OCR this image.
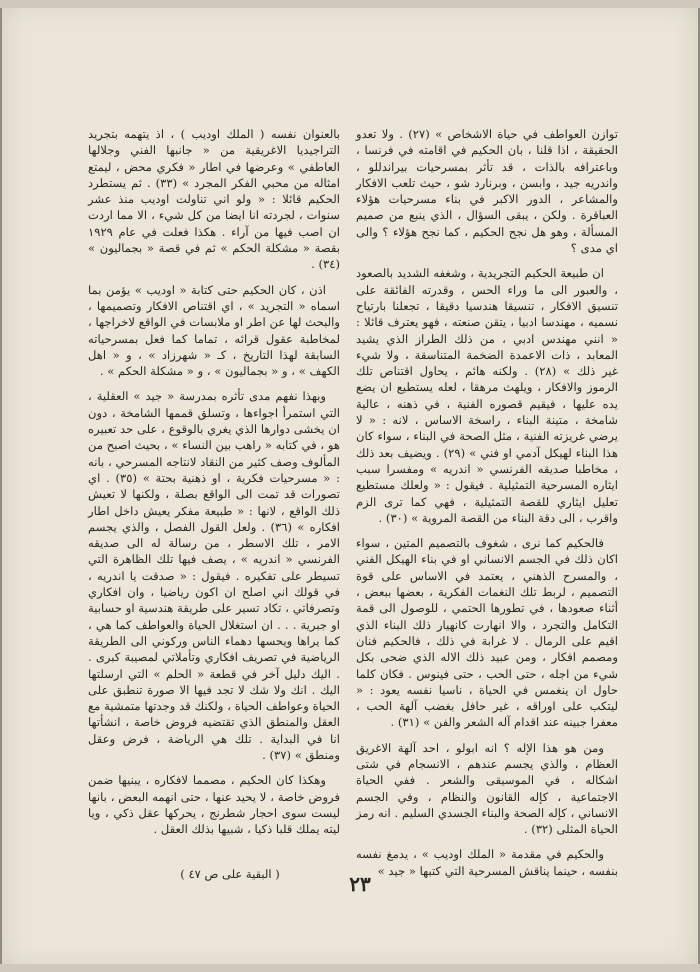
توازن العواطف في حياة الاشخاص » (٢٧) . ولا تعدو الحقيقة ، اذا قلنا ، بان الحكيم في اقامته في فرنسا ، وباعترافه بالذات ، قد تأثر بمسرحيات بيراندللو ، واندريه جيد ، وابسن ، وبرنارد شو ، حيث تلعب الافكار والمشاعر ، الدور الاكبر في بناء مسرحيات هؤلاء العباقرة . ولكن ، يبقى السؤال ، الذي ينبع من صميم المسألة ، وهو هل نجح الحكيم ، كما نجح هؤلاء ؟ والى اي مدى ؟

ان طبيعة الحكيم التجريدية ، وشغفه الشديد بالصعود ، والعبور الى ما وراء الحس ، وقدرته الفائقة على تنسيق الافكار ، تنسيقا هندسيا دقيقا ، تجعلنا بارتياح نسميه ، مهندسا ادبيا ، يتقن صنعته ، فهو يعترف قائلا : « انني مهندس ادبي ، من ذلك الطراز الذي يشيد المعابد ، ذات الاعمدة الضخمة المتناسقة ، ولا شيء غير ذلك » (٢٨) . ولكنه هائم ، يحاول اقتناص تلك الرموز والافكار ، ويلهث مرهقا ، لعله يستطيع ان يضع يده عليها ، فيقيم قصوره الفنية ، في ذهنه ، عالية شامخة ، متينة البناء ، راسخة الاساس ، لانه : « لا يرضي غريزته الفنية ، مثل الصحة في البناء ، سواء كان هذا البناء لهيكل آدمي او فني » (٢٩) . ويضيف بعد ذلك ، مخاطبا صديقه الفرنسي « اندريه » ومفسرا سبب ايثاره المسرحية التمثيلية . فيقول : « ولعلك مستطيع تعليل ايثاري للقصة التمثيلية ، فهي كما ترى الزم واقرب ، الى دقة البناء من القصة المروية » (٣٠) .

فالحكيم كما نرى ، شغوف بالتصميم المتين ، سواء اكان ذلك في الجسم الانساني او في بناء الهيكل الفني ، والمسرح الذهني ، يعتمد في الاساس على قوة التصميم ، لربط تلك النغمات الفكرية ، بعضها ببعض ، أثناء صعودها ، في تطورها الحتمي ، للوصول الى قمة التكامل والتجرد ، والا انهارت كانهيار ذلك البناء الذي اقيم على الرمال . لا غرابة في ذلك ، فالحكيم فنان ومصمم افكار ، ومن عبيد ذلك الاله الذي ضحى بكل شيء من اجله ، حتى الحب ، حتى فينوس . فكان كلما حاول ان ينغمس في الحياة ، ناسيا نفسه يعود : « ليتكب على اوراقه ، غير حافل بغضب آلهة الحب ، معفرا جبينه عند اقدام آله الشعر والفن » (٣١) .

ومن هو هذا الإله ؟ انه ابولو ، احد آلهة الاغريق العظام ، والذي يجسم عندهم ، الانسجام في شتى اشكاله ، في الموسيقى والشعر . ففي الحياة الاجتماعية ، كإله القانون والنظام ، وفي الجسم الانساني ، كإله الصحة والبناء الجسدي السليم . انه رمز الحياة المثلى (٣٢) .

والحكيم في مقدمة « الملك اوديب » ، يدمغ نفسه بنفسه ، حينما يناقش المسرحية التي كتبها « جيد »

بالعنوان نفسه ( الملك اوديب ) ، اذ يتهمه بتجريد التراجيديا الاغريقية من « جانبها الفني وجلالها العاطفي » وعرضها في اطار « فكري محض ، ليمتع امثاله من محبي الفكر المجرد » (٣٣) . ثم يستطرد الحكيم قائلا : « ولو اني تناولت اوديب منذ عشر سنوات ، لجردته انا ايضا من كل شيء ، الا مما اردت ان اصب فيها من آراء . هكذا فعلت في عام ١٩٢٩ بقصة « مشكلة الحكم » ثم في قصة « بجماليون » (٣٤) .

اذن ، كان الحكيم حتى كتابة « اوديب » يؤمن بما اسماه « التجريد » ، اي اقتناص الافكار وتصميمها ، والبحث لها عن اطر او ملابسات في الواقع لاخراجها ، لمخاطبة عقول قرائه ، تماما كما فعل بمسرحياته السابقة لهذا التاريخ ، كـ « شهرزاد » ، و « اهل الكهف » ، و « بجماليون » ، و « مشكلة الحكم » .

وبهذا نفهم مدى تأثره بمدرسة « جيد » العقلية ، التي استمرأ اجواءها ، وتسلق قممها الشامخة ، دون ان يخشى دوارها الذي يغري بالوقوع ، على حد تعبيره هو ، في كتابه « راهب بين النساء » ، بحيث اصبح من المألوف وصف كثير من النقاد لانتاجه المسرحي ، بانه : « مسرحيات فكرية ، او ذهنية بحتة » (٣٥) . اي تصورات قد تمت الى الواقع بصلة ، ولكنها لا تعيش ذلك الواقع ، لانها : « طبيعة مفكر يعيش داخل اطار افكاره » (٣٦) . ولعل القول الفصل ، والذي يجسم الامر ، تلك الاسطر ، من رسالة له الى صديقه الفرنسي « اندريه » ، يصف فيها تلك الظاهرة التي تسيطر على تفكيره . فيقول : « صدقت يا اندريه ، في قولك اني اصلح ان اكون رياضيا ، وان افكاري وتصرفاتي ، تكاد تسير على طريقة هندسية او حسابية او جبرية . . . ان استغلال الحياة والعواطف كما هي ، كما يراها ويحسها دهماء الناس وركوني الى الطريقة الرياضية في تصريف افكاري وتأملاتي لمصيبة كبرى . . اليك دليل آخر في قطعة « الحلم » التي ارسلتها اليك . انك ولا شك لا تجد فيها الا صورة تنطبق على الحياة وعواطف الحياة ، ولكنك قد وجدتها متمشية مع العقل والمنطق الذي تقتضيه فروض خاصة ، انشأتها انا في البداية . تلك هي الرياضة ، فرض وعقل ومنطق » (٣٧) .

وهكذا كان الحكيم ، مصمما لافكاره ، يبنيها ضمن فروض خاصة ، لا يحيد عنها ، حتى انهمه البعض ، بانها ليست سوى احجار شطرنج ، يحركها عقل ذكي ، ويا ليته يملك قلبا ذكيا ، شبيها بذلك العقل .

( البقية على ص ٤٧ )	٢٣
